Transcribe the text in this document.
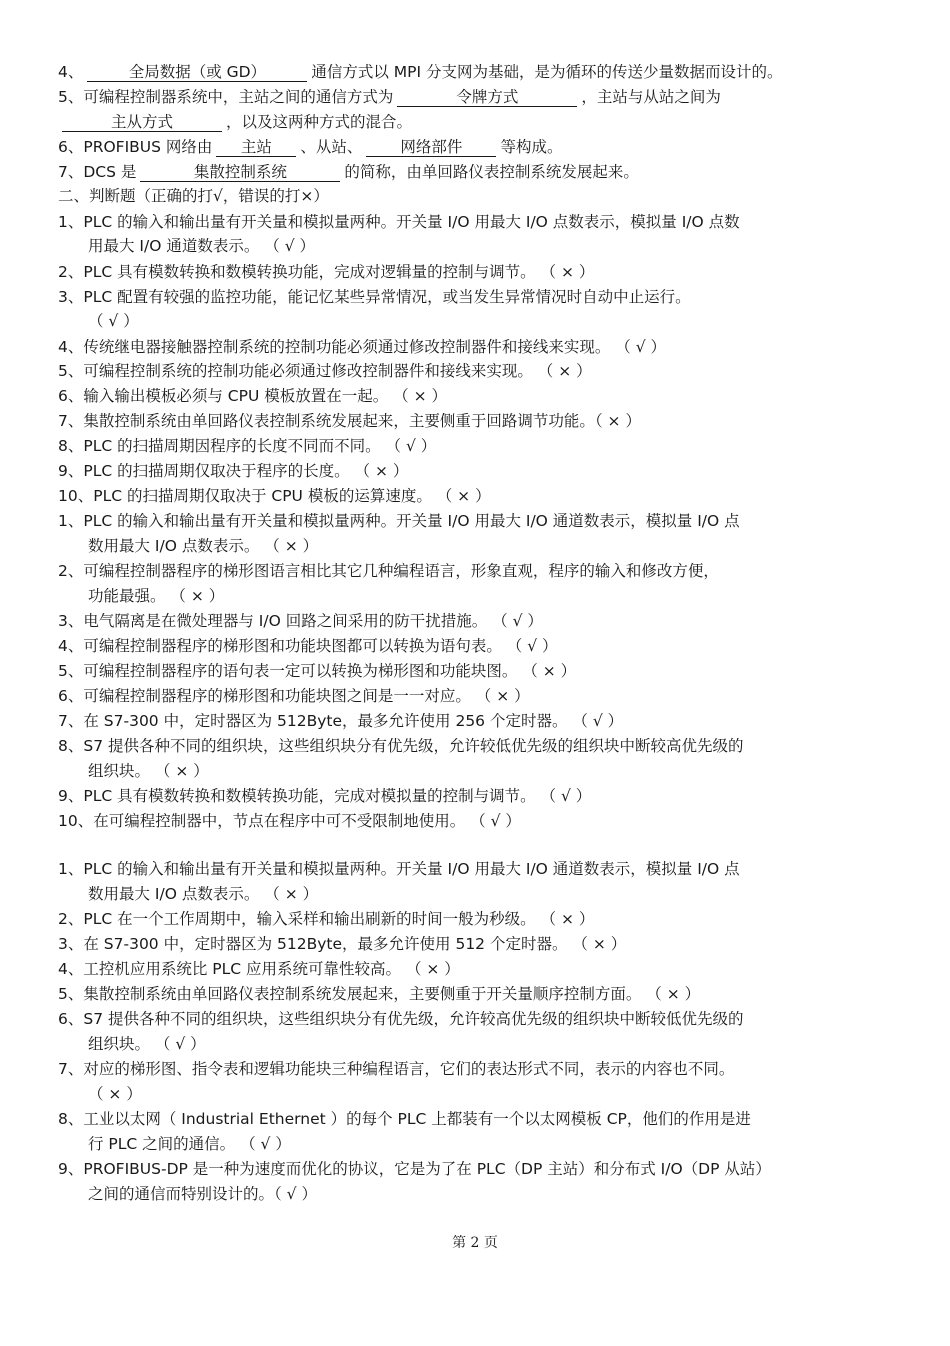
4、	全局数据（或 GD）	通信方式以 MPI 分支网为基础，是为循环的传送少量数据而设计的。
5、可编程控制器系统中，主站之间的通信方式为	令牌方式	，主站与从站之间为
主从方式	，以及这两种方式的混合。
6、PROFIBUS 网络由 主站 、从站、 网络部件 等构成。
7、DCS 是	集散控制系统	的简称，由单回路仪表控制系统发展起来。
二、判断题（正确的打√，错误的打×）
1、PLC 的输入和输出量有开关量和模拟量两种。开关量 I/O 用最大 I/O 点数表示，模拟量 I/O 点数
用最大 I/O 通道数表示。 （ √ ）
2、PLC 具有模数转换和数模转换功能，完成对逻辑量的控制与调节。 （ × ）
3、PLC 配置有较强的监控功能，能记忆某些异常情况，或当发生异常情况时自动中止运行。
（ √ ）
4、传统继电器接触器控制系统的控制功能必须通过修改控制器件和接线来实现。 （ √ ）
5、可编程控制系统的控制功能必须通过修改控制器件和接线来实现。 （ × ）
6、输入输出模板必须与 CPU 模板放置在一起。 （ × ）
7、集散控制系统由单回路仪表控制系统发展起来，主要侧重于回路调节功能。（ × ）
8、PLC 的扫描周期因程序的长度不同而不同。 （ √ ）
9、PLC 的扫描周期仅取决于程序的长度。 （ × ）
10、PLC 的扫描周期仅取决于 CPU 模板的运算速度。 （ × ）
1、PLC 的输入和输出量有开关量和模拟量两种。开关量 I/O 用最大 I/O 通道数表示，模拟量 I/O 点
数用最大 I/O 点数表示。 （ × ）
2、可编程控制器程序的梯形图语言相比其它几种编程语言，形象直观，程序的输入和修改方便，
功能最强。 （ × ）
3、电气隔离是在微处理器与 I/O 回路之间采用的防干扰措施。 （ √ ）
4、可编程控制器程序的梯形图和功能块图都可以转换为语句表。 （ √ ）
5、可编程控制器程序的语句表一定可以转换为梯形图和功能块图。 （ × ）
6、可编程控制器程序的梯形图和功能块图之间是一一对应。 （ × ）
7、在 S7-300 中，定时器区为 512Byte，最多允许使用 256 个定时器。 （ √ ）
8、S7 提供各种不同的组织块，这些组织块分有优先级，允许较低优先级的组织块中断较高优先级的
组织块。 （ × ）
9、PLC 具有模数转换和数模转换功能，完成对模拟量的控制与调节。 （ √ ）
10、在可编程控制器中，节点在程序中可不受限制地使用。 （ √ ）
1、PLC 的输入和输出量有开关量和模拟量两种。开关量 I/O 用最大 I/O 通道数表示，模拟量 I/O 点
数用最大 I/O 点数表示。 （ × ）
2、PLC 在一个工作周期中，输入采样和输出刷新的时间一般为秒级。 （ × ）
3、在 S7-300 中，定时器区为 512Byte，最多允许使用 512 个定时器。 （ × ）
4、工控机应用系统比 PLC 应用系统可靠性较高。 （ × ）
5、集散控制系统由单回路仪表控制系统发展起来，主要侧重于开关量顺序控制方面。 （ × ）
6、S7 提供各种不同的组织块，这些组织块分有优先级，允许较高优先级的组织块中断较低优先级的
组织块。 （ √ ）
7、对应的梯形图、指令表和逻辑功能块三种编程语言，它们的表达形式不同，表示的内容也不同。
（ × ）
8、工业以太网（ Industrial Ethernet ）的每个 PLC 上都装有一个以太网模板 CP，他们的作用是进
行 PLC 之间的通信。 （ √ ）
9、PROFIBUS-DP 是一种为速度而优化的协议，它是为了在 PLC（DP 主站）和分布式 I/O（DP 从站）
之间的通信而特别设计的。（ √ ）
第 2 页
